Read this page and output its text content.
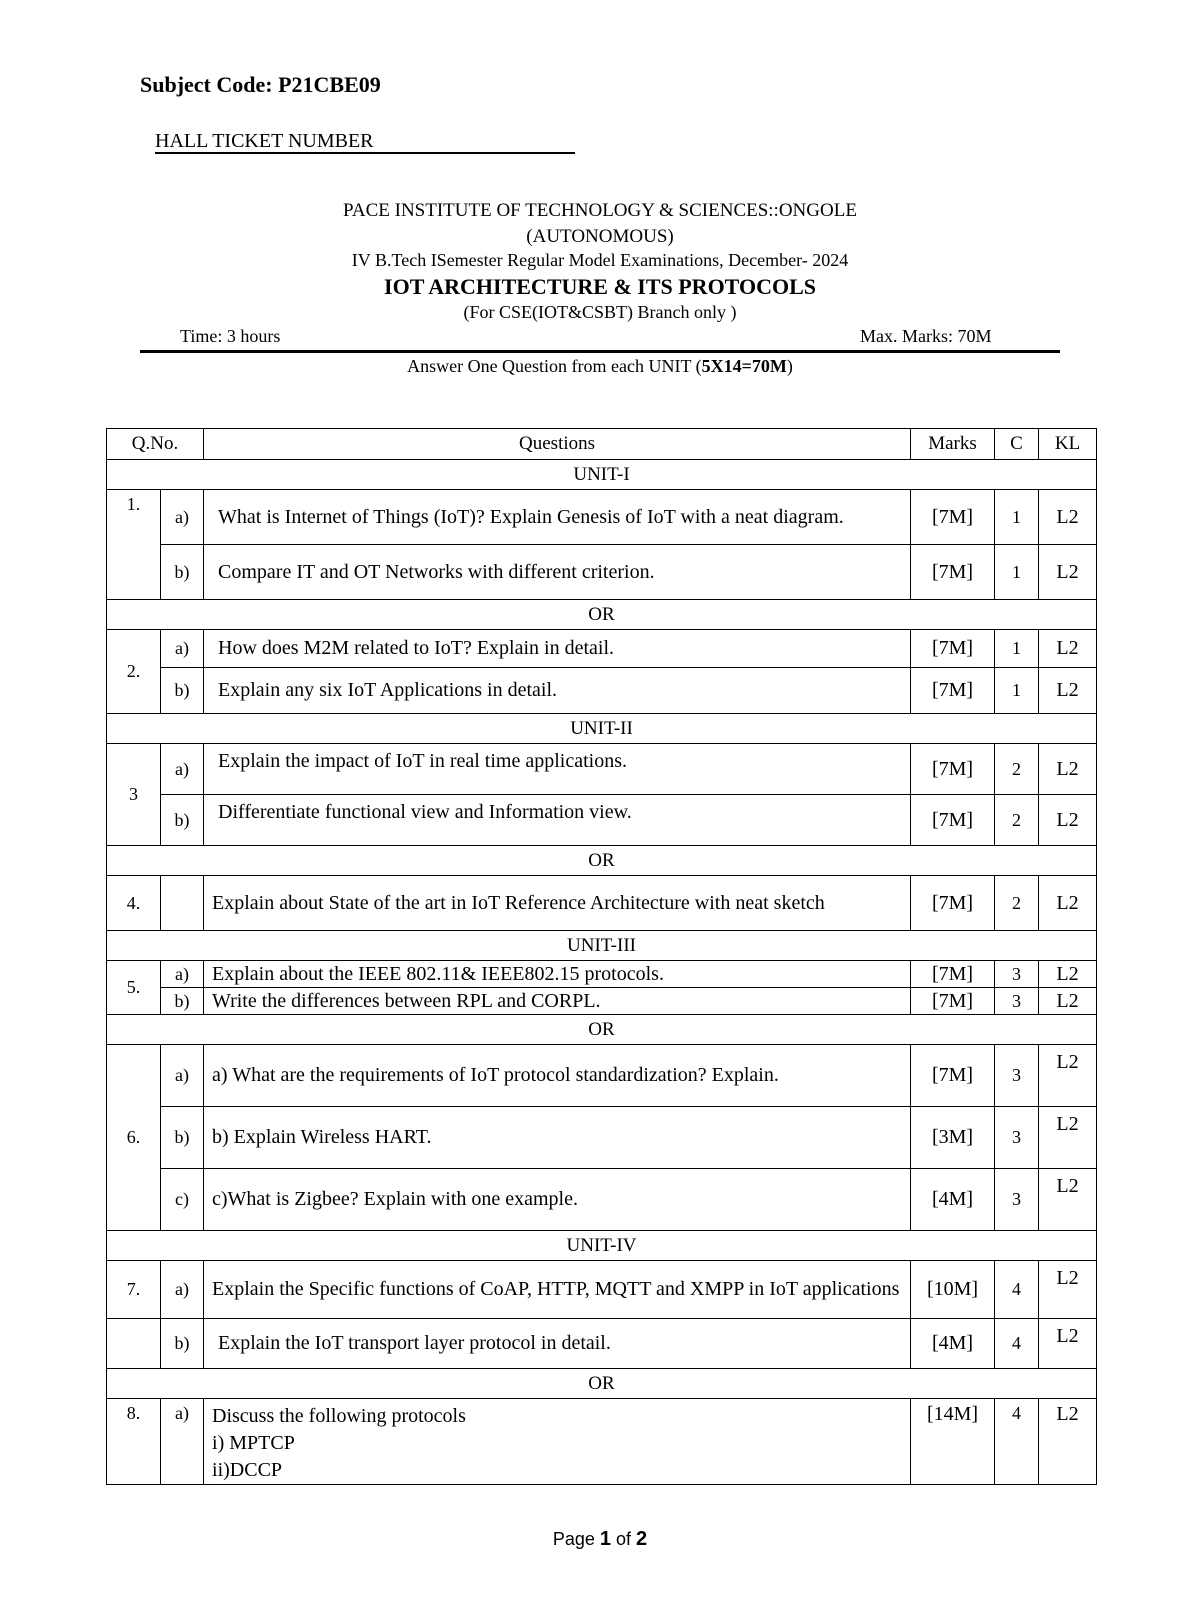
Subject Code: P21CBE09
HALL TICKET NUMBER
PACE INSTITUTE OF TECHNOLOGY & SCIENCES::ONGOLE
(AUTONOMOUS)
IV B.Tech ISemester Regular Model Examinations, December- 2024
IOT ARCHITECTURE & ITS PROTOCOLS
(For CSE(IOT&CSBT) Branch only )
Time: 3 hours	Max. Marks: 70M
Answer One Question from each UNIT (5X14=70M)
Q.No.		Questions	Marks	C	KL
UNIT-I					
1.	a)	What is Internet of Things (IoT)? Explain Genesis of IoT with a neat diagram.	[7M]	1	L2
	b)	Compare IT and OT Networks with different criterion.	[7M]	1	L2
OR					
2.	a)	How does M2M related to IoT? Explain in detail.	[7M]	1	L2
	b)	Explain any six IoT Applications in detail.	[7M]	1	L2
UNIT-II					
3	a)	Explain the impact of IoT in real time applications.	[7M]	2	L2
	b)	Differentiate functional view and Information view.	[7M]	2	L2
OR					
4.		Explain about State of the art in IoT Reference Architecture with neat sketch	[7M]	2	L2
UNIT-III					
5.	a)	Explain about the IEEE 802.11& IEEE802.15 protocols.	[7M]	3	L2
	b)	Write the differences between RPL and CORPL.	[7M]	3	L2
OR					
6.	a)	a) What are the requirements of IoT protocol standardization? Explain.	[7M]	3	L2
	b)	b) Explain Wireless HART.	[3M]	3	L2
	c)	c)What is Zigbee? Explain with one example.	[4M]	3	L2
UNIT-IV					
7.	a)	Explain the Specific functions of CoAP, HTTP, MQTT and XMPP in IoT applications	[10M]	4	L2
	b)	Explain the IoT transport layer protocol in detail.	[4M]	4	L2
OR					
8.	a)	Discuss the following protocols
i) MPTCP
ii)DCCP	[14M]	4	L2
Page 1 of 2
